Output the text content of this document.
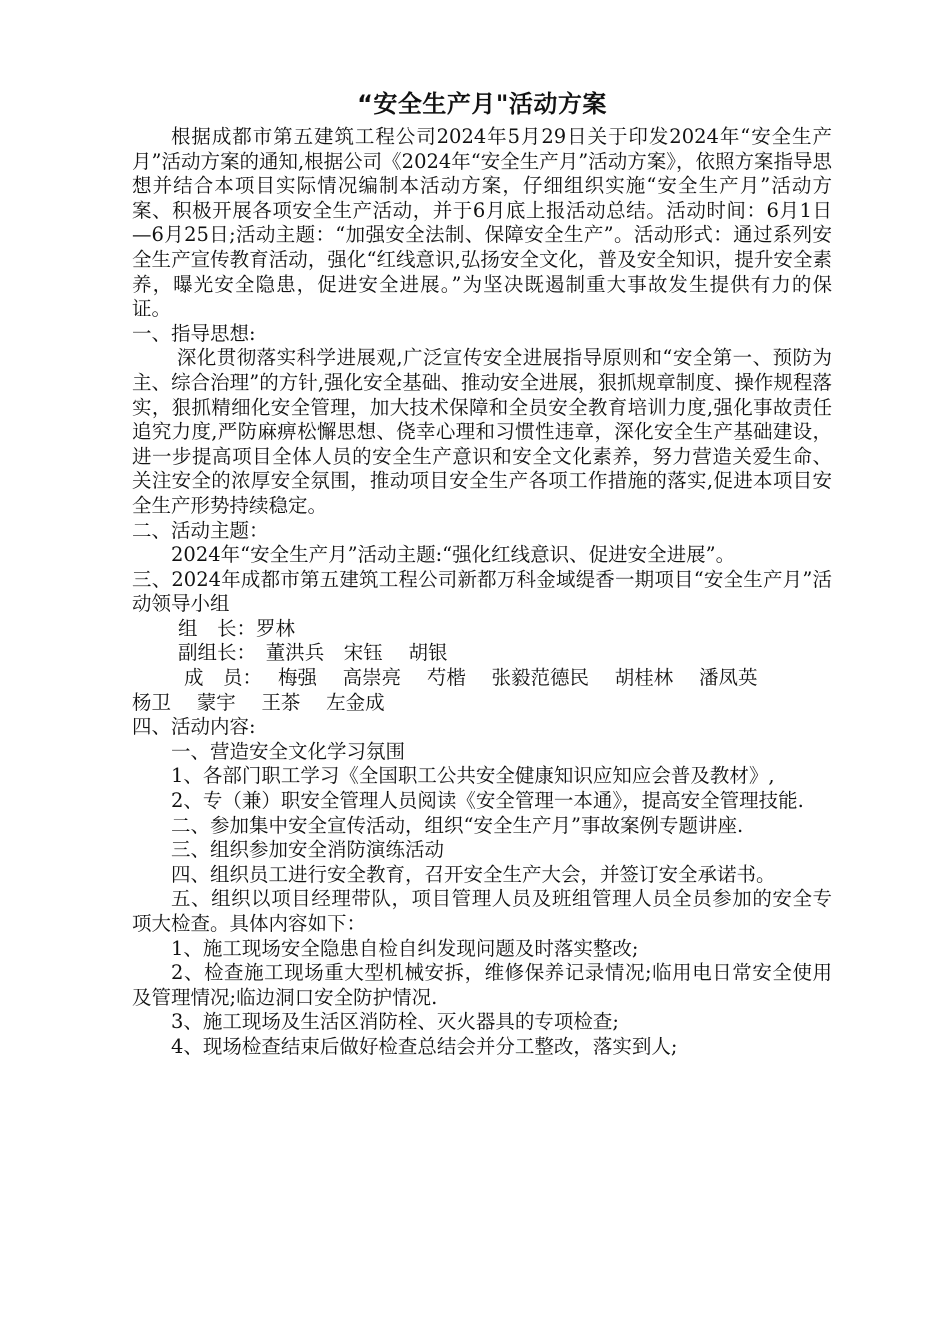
“安全生产月"活动方案

根据成都市第五建筑工程公司2024年5月29日关于印发2024年“安全生产月”活动方案的通知,根据公司《2024年“安全生产月”活动方案》，依照方案指导思想并结合本项目实际情况编制本活动方案，仔细组织实施“安全生产月”活动方案、积极开展各项安全生产活动，并于6月底上报活动总结。活动时间：6月1日—6月25日;活动主题：“加强安全法制、保障安全生产”。活动形式：通过系列安全生产宣传教育活动，强化“红线意识,弘扬安全文化，普及安全知识，提升安全素养，曝光安全隐患，促进安全进展。”为坚决既遏制重大事故发生提供有力的保证。

一、指导思想:

深化贯彻落实科学进展观,广泛宣传安全进展指导原则和“安全第一、预防为主、综合治理”的方针,强化安全基础、推动安全进展，狠抓规章制度、操作规程落实，狠抓精细化安全管理，加大技术保障和全员安全教育培训力度,强化事故责任追究力度,严防麻痹松懈思想、侥幸心理和习惯性违章，深化安全生产基础建设，进一步提高项目全体人员的安全生产意识和安全文化素养，努力营造关爱生命、关注安全的浓厚安全氛围，推动项目安全生产各项工作措施的落实,促进本项目安全生产形势持续稳定。

二、活动主题：

2024年“安全生产月”活动主题:“强化红线意识、促进安全进展”。

三、2024年成都市第五建筑工程公司新都万科金域缇香一期项目“安全生产月”活动领导小组

组　长：罗林

副组长：　董洪兵　宋钰　 胡银

成　员：　 梅强　 高崇亮　 芍楷　 张毅范德民　 胡桂林　 潘凤英

杨卫　 蒙宇　 王茶　 左金成

四、活动内容:

一、营造安全文化学习氛围

1、各部门职工学习《全国职工公共安全健康知识应知应会普及教材》,

2、专（兼）职安全管理人员阅读《安全管理一本通》，提高安全管理技能.

二、参加集中安全宣传活动，组织“安全生产月”事故案例专题讲座.

三、组织参加安全消防演练活动

四、组织员工进行安全教育，召开安全生产大会，并签订安全承诺书。

五、组织以项目经理带队，项目管理人员及班组管理人员全员参加的安全专项大检查。具体内容如下：

1、施工现场安全隐患自检自纠发现问题及时落实整改;

2、检查施工现场重大型机械安拆，维修保养记录情况;临用电日常安全使用及管理情况;临边洞口安全防护情况.

3、施工现场及生活区消防栓、灭火器具的专项检查;

4、现场检查结束后做好检查总结会并分工整改，落实到人;
